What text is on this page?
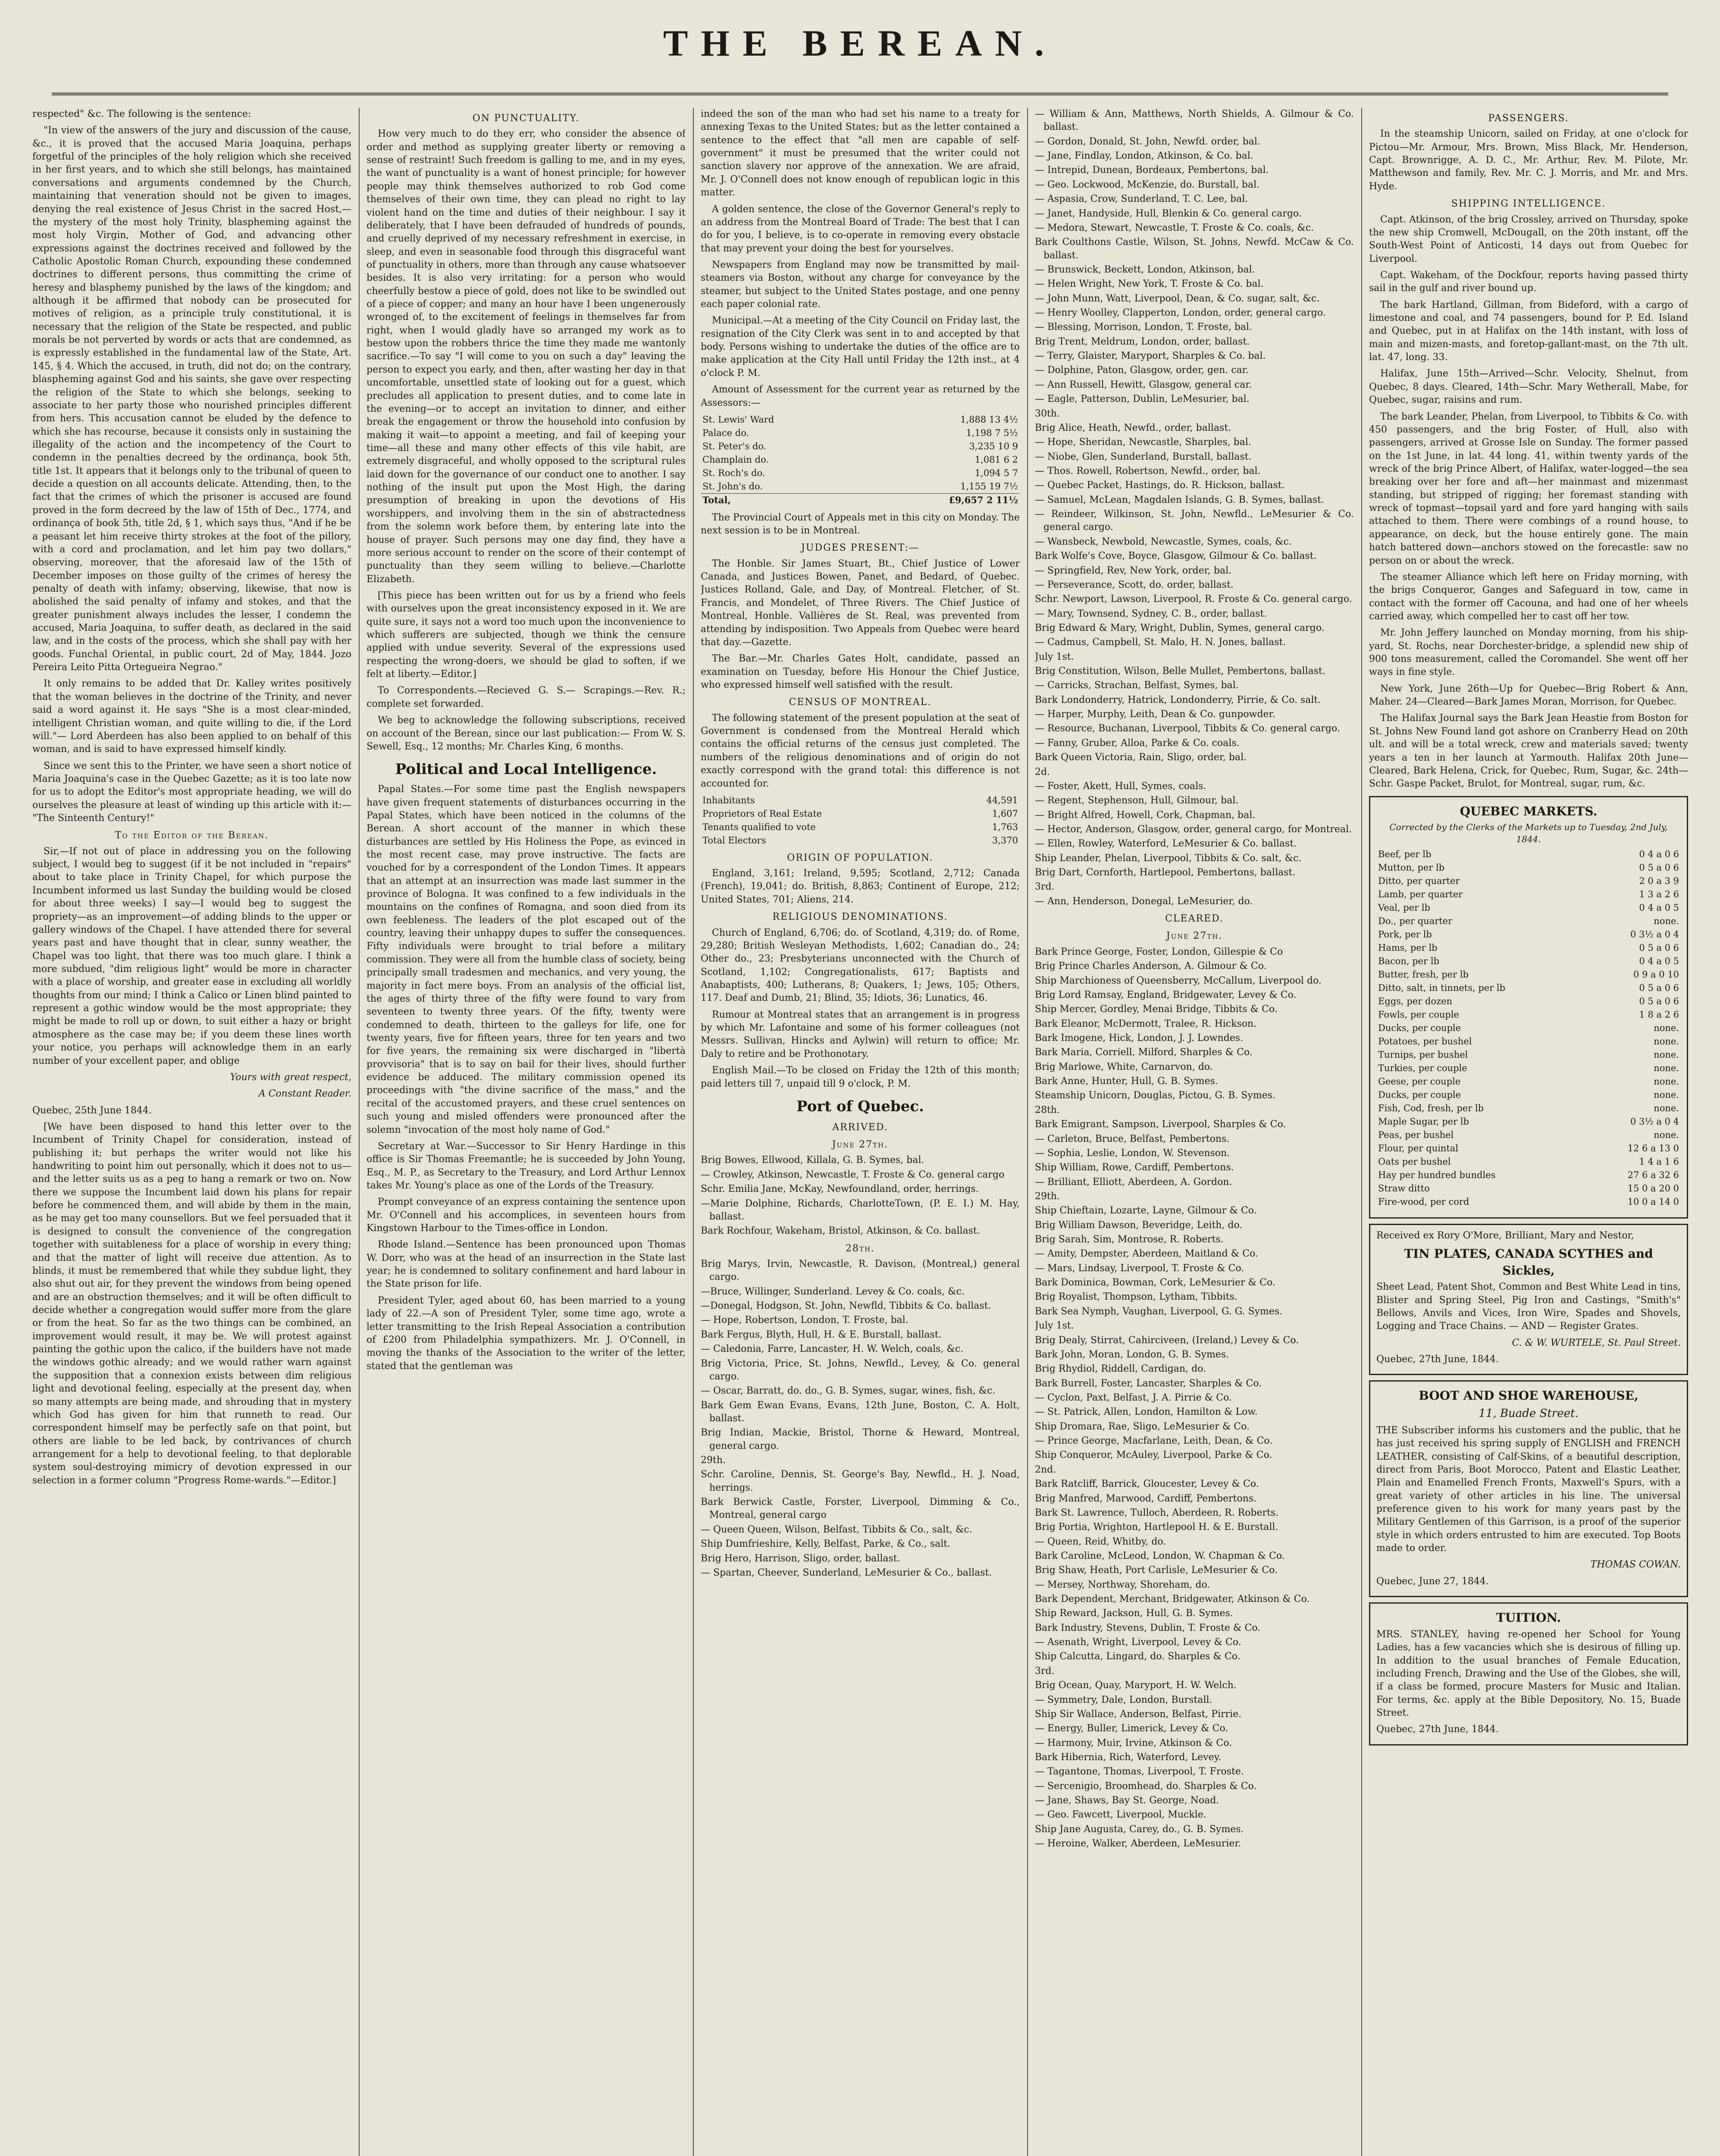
THE BEREAN.

respected" &c. The following is the sentence:

"In view of the answers of the jury and discussion of the cause, &c., it is proved that the accused Maria Joaquina, perhaps forgetful of the principles of the holy religion which she received in her first years, and to which she still belongs, has maintained conversations and arguments condemned by the Church, maintaining that veneration should not be given to images, denying the real existence of Jesus Christ in the sacred Host,—the mystery of the most holy Trinity, blaspheming against the most holy Virgin, Mother of God, and advancing other expressions against the doctrines received and followed by the Catholic Apostolic Roman Church, expounding these condemned doctrines to different persons, thus committing the crime of heresy and blasphemy punished by the laws of the kingdom; and although it be affirmed that nobody can be prosecuted for motives of religion, as a principle truly constitutional, it is necessary that the religion of the State be respected, and public morals be not perverted by words or acts that are condemned, as is expressly established in the fundamental law of the State, Art. 145, § 4. Which the accused, in truth, did not do; on the contrary, blaspheming against God and his saints, she gave over respecting the religion of the State to which she belongs, seeking to associate to her party those who nourished principles different from hers. This accusation cannot be eluded by the defence to which she has recourse, because it consists only in sustaining the illegality of the action and the incompetency of the Court to condemn in the penalties decreed by the ordinança, book 5th, title 1st. It appears that it belongs only to the tribunal of queen to decide a question on all accounts delicate. Attending, then, to the fact that the crimes of which the prisoner is accused are found proved in the form decreed by the law of 15th of Dec., 1774, and ordinança of book 5th, title 2d, § 1, which says thus, "And if he be a peasant let him receive thirty strokes at the foot of the pillory, with a cord and proclamation, and let him pay two dollars," observing, moreover, that the aforesaid law of the 15th of December imposes on those guilty of the crimes of heresy the penalty of death with infamy; observing, likewise, that now is abolished the said penalty of infamy and stokes, and that the greater punishment always includes the lesser, I condemn the accused, Maria Joaquina, to suffer death, as declared in the said law, and in the costs of the process, which she shall pay with her goods. Funchal Oriental, in public court, 2d of May, 1844. Jozo Pereira Leito Pitta Ortegueira Negrao."

It only remains to be added that Dr. Kalley writes positively that the woman believes in the doctrine of the Trinity, and never said a word against it. He says "She is a most clear-minded, intelligent Christian woman, and quite willing to die, if the Lord will."— Lord Aberdeen has also been applied to on behalf of this woman, and is said to have expressed himself kindly.

Since we sent this to the Printer, we have seen a short notice of Maria Joaquina's case in the Quebec Gazette; as it is too late now for us to adopt the Editor's most appropriate heading, we will do ourselves the pleasure at least of winding up this article with it:— "The Sinteenth Century!"

To the Editor of the Berean.

Sir,—If not out of place in addressing you on the following subject, I would beg to suggest (if it be not included in "repairs" about to take place in Trinity Chapel, for which purpose the Incumbent informed us last Sunday the building would be closed for about three weeks) I say—I would beg to suggest the propriety—as an improvement—of adding blinds to the upper or gallery windows of the Chapel. I have attended there for several years past and have thought that in clear, sunny weather, the Chapel was too light, that there was too much glare. I think a more subdued, "dim religious light" would be more in character with a place of worship, and greater ease in excluding all worldly thoughts from our mind; I think a Calico or Linen blind painted to represent a gothic window would be the most appropriate; they might be made to roll up or down, to suit either a hazy or bright atmosphere as the case may be; if you deem these lines worth your notice, you perhaps will acknowledge them in an early number of your excellent paper, and oblige

Yours with great respect,
A Constant Reader.

Quebec, 25th June 1844.

[We have been disposed to hand this letter over to the Incumbent of Trinity Chapel for consideration, instead of publishing it; but perhaps the writer would not like his handwriting to point him out personally, which it does not to us—and the letter suits us as a peg to hang a remark or two on. Now there we suppose the Incumbent laid down his plans for repair before he commenced them, and will abide by them in the main, as he may get too many counsellors. But we feel persuaded that it is designed to consult the convenience of the congregation together with suitableness for a place of worship in every thing; and that the matter of light will receive due attention. As to blinds, it must be remembered that while they subdue light, they also shut out air, for they prevent the windows from being opened and are an obstruction themselves; and it will be often difficult to decide whether a congregation would suffer more from the glare or from the heat. So far as the two things can be combined, an improvement would result, it may be. We will protest against painting the gothic upon the calico, if the builders have not made the windows gothic already; and we would rather warn against the supposition that a connexion exists between dim religious light and devotional feeling, especially at the present day, when so many attempts are being made, and shrouding that in mystery which God has given for him that runneth to read. Our correspondent himself may be perfectly safe on that point, but others are liable to be led back, by contrivances of church arrangement for a help to devotional feeling, to that deplorable system soul-destroying mimicry of devotion expressed in our selection in a former column "Progress Rome-wards."—Editor.]

ON PUNCTUALITY.

How very much to do they err, who consider the absence of order and method as supplying greater liberty or removing a sense of restraint! Such freedom is galling to me, and in my eyes, the want of punctuality is a want of honest principle; for however people may think themselves authorized to rob God come themselves of their own time, they can plead no right to lay violent hand on the time and duties of their neighbour. I say it deliberately, that I have been defrauded of hundreds of pounds, and cruelly deprived of my necessary refreshment in exercise, in sleep, and even in seasonable food through this disgraceful want of punctuality in others, more than through any cause whatsoever besides. It is also very irritating: for a person who would cheerfully bestow a piece of gold, does not like to be swindled out of a piece of copper; and many an hour have I been ungenerously wronged of, to the excitement of feelings in themselves far from right, when I would gladly have so arranged my work as to bestow upon the robbers thrice the time they made me wantonly sacrifice.—To say "I will come to you on such a day" leaving the person to expect you early, and then, after wasting her day in that uncomfortable, unsettled state of looking out for a guest, which precludes all application to present duties, and to come late in the evening—or to accept an invitation to dinner, and either break the engagement or throw the household into confusion by making it wait—to appoint a meeting, and fail of keeping your time—all these and many other effects of this vile habit, are extremely disgraceful, and wholly opposed to the scriptural rules laid down for the governance of our conduct one to another. I say nothing of the insult put upon the Most High, the daring presumption of breaking in upon the devotions of His worshippers, and involving them in the sin of abstractedness from the solemn work before them, by entering late into the house of prayer. Such persons may one day find, they have a more serious account to render on the score of their contempt of punctuality than they seem willing to believe.—Charlotte Elizabeth.

[This piece has been written out for us by a friend who feels with ourselves upon the great inconsistency exposed in it. We are quite sure, it says not a word too much upon the inconvenience to which sufferers are subjected, though we think the censure applied with undue severity. Several of the expressions used respecting the wrong-doers, we should be glad to soften, if we felt at liberty.—Editor.]

To Correspondents.—Recieved G. S.— Scrapings.—Rev. R.; complete set forwarded.

We beg to acknowledge the following subscriptions, received on account of the Berean, since our last publication:— From W. S. Sewell, Esq., 12 months; Mr. Charles King, 6 months.

Political and Local Intelligence.

Papal States.—For some time past the English newspapers have given frequent statements of disturbances occurring in the Papal States, which have been noticed in the columns of the Berean. A short account of the manner in which these disturbances are settled by His Holiness the Pope, as evinced in the most recent case, may prove instructive. The facts are vouched for by a correspondent of the London Times. It appears that an attempt at an insurrection was made last summer in the province of Bologna. It was confined to a few individuals in the mountains on the confines of Romagna, and soon died from its own feebleness. The leaders of the plot escaped out of the country, leaving their unhappy dupes to suffer the consequences. Fifty individuals were brought to trial before a military commission. They were all from the humble class of society, being principally small tradesmen and mechanics, and very young, the majority in fact mere boys. From an analysis of the official list, the ages of thirty three of the fifty were found to vary from seventeen to twenty three years. Of the fifty, twenty were condemned to death, thirteen to the galleys for life, one for twenty years, five for fifteen years, three for ten years and two for five years, the remaining six were discharged in "libertà provvisoria" that is to say on bail for their lives, should further evidence be adduced. The military commission opened its proceedings with "the divine sacrifice of the mass," and the recital of the accustomed prayers, and these cruel sentences on such young and misled offenders were pronounced after the solemn "invocation of the most holy name of God."

Secretary at War.—Successor to Sir Henry Hardinge in this office is Sir Thomas Freemantle; he is succeeded by John Young, Esq., M. P., as Secretary to the Treasury, and Lord Arthur Lennox takes Mr. Young's place as one of the Lords of the Treasury.

Prompt conveyance of an express containing the sentence upon Mr. O'Connell and his accomplices, in seventeen hours from Kingstown Harbour to the Times-office in London.

Rhode Island.—Sentence has been pronounced upon Thomas W. Dorr, who was at the head of an insurrection in the State last year; he is condemned to solitary confinement and hard labour in the State prison for life.

President Tyler, aged about 60, has been married to a young lady of 22.—A son of President Tyler, some time ago, wrote a letter transmitting to the Irish Repeal Association a contribution of £200 from Philadelphia sympathizers. Mr. J. O'Connell, in moving the thanks of the Association to the writer of the letter, stated that the gentleman was

indeed the son of the man who had set his name to a treaty for annexing Texas to the United States; but as the letter contained a sentence to the effect that "all men are capable of self-government" it must be presumed that the writer could not sanction slavery nor approve of the annexation. We are afraid, Mr. J. O'Connell does not know enough of republican logic in this matter.

A golden sentence, the close of the Governor General's reply to an address from the Montreal Board of Trade: The best that I can do for you, I believe, is to co-operate in removing every obstacle that may prevent your doing the best for yourselves.

Newspapers from England may now be transmitted by mail-steamers via Boston, without any charge for conveyance by the steamer, but subject to the United States postage, and one penny each paper colonial rate.

Municipal.—At a meeting of the City Council on Friday last, the resignation of the City Clerk was sent in to and accepted by that body. Persons wishing to undertake the duties of the office are to make application at the City Hall until Friday the 12th inst., at 4 o'clock P. M.

Amount of Assessment for the current year as returned by the Assessors:—

St. Lewis' Ward	1,888 13 4½
Palace do.	1,198 7 5½
St. Peter's do.	3,235 10 9
Champlain do.	1,081 6 2
St. Roch's do.	1,094 5 7
St. John's do.	1,155 19 7½
Total,	£9,657 2 11½

The Provincial Court of Appeals met in this city on Monday. The next session is to be in Montreal.

JUDGES PRESENT:—

The Honble. Sir James Stuart, Bt., Chief Justice of Lower Canada, and Justices Bowen, Panet, and Bedard, of Quebec. Justices Rolland, Gale, and Day, of Montreal. Fletcher, of St. Francis, and Mondelet, of Three Rivers. The Chief Justice of Montreal, Honble. Vallières de St. Real, was prevented from attending by indisposition. Two Appeals from Quebec were heard that day.—Gazette.

The Bar.—Mr. Charles Gates Holt, candidate, passed an examination on Tuesday, before His Honour the Chief Justice, who expressed himself well satisfied with the result.

CENSUS OF MONTREAL.

The following statement of the present population at the seat of Government is condensed from the Montreal Herald which contains the official returns of the census just completed. The numbers of the religious denominations and of origin do not exactly correspond with the grand total: this difference is not accounted for.

Inhabitants	44,591
Proprietors of Real Estate	1,607
Tenants qualified to vote	1,763
Total Electors	3,370
ORIGIN OF POPULATION.

England, 3,161; Ireland, 9,595; Scotland, 2,712; Canada (French), 19,041; do. British, 8,863; Continent of Europe, 212; United States, 701; Aliens, 214.

RELIGIOUS DENOMINATIONS.

Church of England, 6,706; do. of Scotland, 4,319; do. of Rome, 29,280; British Wesleyan Methodists, 1,602; Canadian do., 24; Other do., 23; Presbyterians unconnected with the Church of Scotland, 1,102; Congregationalists, 617; Baptists and Anabaptists, 400; Lutherans, 8; Quakers, 1; Jews, 105; Others, 117. Deaf and Dumb, 21; Blind, 35; Idiots, 36; Lunatics, 46.

Rumour at Montreal states that an arrangement is in progress by which Mr. Lafontaine and some of his former colleagues (not Messrs. Sullivan, Hincks and Aylwin) will return to office; Mr. Daly to retire and be Prothonotary.

English Mail.—To be closed on Friday the 12th of this month; paid letters till 7, unpaid till 9 o'clock, P. M.

Port of Quebec.
ARRIVED.
June 27th.
Brig Bowes, Ellwood, Killala, G. B. Symes, bal.
— Crowley, Atkinson, Newcastle, T. Froste & Co. general cargo
Schr. Emilia Jane, McKay, Newfoundland, order, herrings.
—Marie Dolphine, Richards, CharlotteTown, (P. E. I.) M. Hay, ballast.
Bark Rochfour, Wakeham, Bristol, Atkinson, & Co. ballast.
28th.
Brig Marys, Irvin, Newcastle, R. Davison, (Montreal,) general cargo.
—Bruce, Willinger, Sunderland. Levey & Co. coals, &c.
—Donegal, Hodgson, St. John, Newfld, Tibbits & Co. ballast.
— Hope, Robertson, London, T. Froste, bal.
Bark Fergus, Blyth, Hull, H. & E. Burstall, ballast.
— Caledonia, Farre, Lancaster, H. W. Welch, coals, &c.
Brig Victoria, Price, St. Johns, Newfld., Levey, & Co. general cargo.
— Oscar, Barratt, do. do., G. B. Symes, sugar, wines, fish, &c.
Bark Gem Ewan Evans, Evans, 12th June, Boston, C. A. Holt, ballast.
Brig Indian, Mackie, Bristol, Thorne & Heward, Montreal, general cargo.
29th.
Schr. Caroline, Dennis, St. George's Bay, Newfld., H. J. Noad, herrings.
Bark Berwick Castle, Forster, Liverpool, Dimming & Co., Montreal, general cargo
— Queen Queen, Wilson, Belfast, Tibbits & Co., salt, &c.
Ship Dumfrieshire, Kelly, Belfast, Parke, & Co., salt.
Brig Hero, Harrison, Sligo, order, ballast.
— Spartan, Cheever, Sunderland, LeMesurier & Co., ballast.
— William & Ann, Matthews, North Shields, A. Gilmour & Co. ballast.
— Gordon, Donald, St. John, Newfd. order, bal.
— Jane, Findlay, London, Atkinson, & Co. bal.
— Intrepid, Dunean, Bordeaux, Pembertons, bal.
— Geo. Lockwood, McKenzie, do. Burstall, bal.
— Aspasia, Crow, Sunderland, T. C. Lee, bal.
— Janet, Handyside, Hull, Blenkin & Co. general cargo.
— Medora, Stewart, Newcastle, T. Froste & Co. coals, &c.
Bark Coulthons Castle, Wilson, St. Johns, Newfd. McCaw & Co. ballast.
— Brunswick, Beckett, London, Atkinson, bal.
— Helen Wright, New York, T. Froste & Co. bal.
— John Munn, Watt, Liverpool, Dean, & Co. sugar, salt, &c.
— Henry Woolley, Clapperton, London, order, general cargo.
— Blessing, Morrison, London, T. Froste, bal.
Brig Trent, Meldrum, London, order, ballast.
— Terry, Glaister, Maryport, Sharples & Co. bal.
— Dolphine, Paton, Glasgow, order, gen. car.
— Ann Russell, Hewitt, Glasgow, general car.
— Eagle, Patterson, Dublin, LeMesurier, bal.
30th.
Brig Alice, Heath, Newfd., order, ballast.
— Hope, Sheridan, Newcastle, Sharples, bal.
— Niobe, Glen, Sunderland, Burstall, ballast.
— Thos. Rowell, Robertson, Newfd., order, bal.
— Quebec Packet, Hastings, do. R. Hickson, ballast.
— Samuel, McLean, Magdalen Islands, G. B. Symes, ballast.
— Reindeer, Wilkinson, St. John, Newfld., LeMesurier & Co. general cargo.
— Wansbeck, Newbold, Newcastle, Symes, coals, &c.
Bark Wolfe's Cove, Boyce, Glasgow, Gilmour & Co. ballast.
— Springfield, Rev, New York, order, bal.
— Perseverance, Scott, do. order, ballast.
Schr. Newport, Lawson, Liverpool, R. Froste & Co. general cargo.
— Mary, Townsend, Sydney, C. B., order, ballast.
Brig Edward & Mary, Wright, Dublin, Symes, general cargo.
— Cadmus, Campbell, St. Malo, H. N. Jones, ballast.
July 1st.
Brig Constitution, Wilson, Belle Mullet, Pembertons, ballast.
— Carricks, Strachan, Belfast, Symes, bal.
Bark Londonderry, Hatrick, Londonderry, Pirrie, & Co. salt.
— Harper, Murphy, Leith, Dean & Co. gunpowder.
— Resource, Buchanan, Liverpool, Tibbits & Co. general cargo.
— Fanny, Gruber, Alloa, Parke & Co. coals.
Bark Queen Victoria, Rain, Sligo, order, bal.
2d.
— Foster, Akett, Hull, Symes, coals.
— Regent, Stephenson, Hull, Gilmour, bal.
— Bright Alfred, Howell, Cork, Chapman, bal.
— Hector, Anderson, Glasgow, order, general cargo, for Montreal.
— Ellen, Rowley, Waterford, LeMesurier & Co. ballast.
Ship Leander, Phelan, Liverpool, Tibbits & Co. salt, &c.
Brig Dart, Cornforth, Hartlepool, Pembertons, ballast.
3rd.
— Ann, Henderson, Donegal, LeMesurier, do.
CLEARED.
June 27th.
Bark Prince George, Foster, London, Gillespie & Co
Brig Prince Charles Anderson, A. Gilmour & Co.
Ship Marchioness of Queensberry, McCallum, Liverpool do.
Brig Lord Ramsay, England, Bridgewater, Levey & Co.
Ship Mercer, Gordley, Menai Bridge, Tibbits & Co.
Bark Eleanor, McDermott, Tralee, R. Hickson.
Bark Imogene, Hick, London, J. J. Lowndes.
Bark Maria, Corriell, Milford, Sharples & Co.
Brig Marlowe, White, Carnarvon, do.
Bark Anne, Hunter, Hull, G. B. Symes.
Steamship Unicorn, Douglas, Pictou, G. B. Symes.
28th.
Bark Emigrant, Sampson, Liverpool, Sharples & Co.
— Carleton, Bruce, Belfast, Pembertons.
— Sophia, Leslie, London, W. Stevenson.
Ship William, Rowe, Cardiff, Pembertons.
— Brilliant, Elliott, Aberdeen, A. Gordon.
29th.
Ship Chieftain, Lozarte, Layne, Gilmour & Co.
Brig William Dawson, Beveridge, Leith, do.
Brig Sarah, Sim, Montrose, R. Roberts.
— Amity, Dempster, Aberdeen, Maitland & Co.
— Mars, Lindsay, Liverpool, T. Froste & Co.
Bark Dominica, Bowman, Cork, LeMesurier & Co.
Brig Royalist, Thompson, Lytham, Tibbits.
Bark Sea Nymph, Vaughan, Liverpool, G. G. Symes.
July 1st.
Brig Dealy, Stirrat, Cahirciveen, (Ireland,) Levey & Co.
Bark John, Moran, London, G. B. Symes.
Brig Rhydiol, Riddell, Cardigan, do.
Bark Burrell, Foster, Lancaster, Sharples & Co.
— Cyclon, Paxt, Belfast, J. A. Pirrie & Co.
— St. Patrick, Allen, London, Hamilton & Low.
Ship Dromara, Rae, Sligo, LeMesurier & Co.
— Prince George, Macfarlane, Leith, Dean, & Co.
Ship Conqueror, McAuley, Liverpool, Parke & Co.
2nd.
Bark Ratcliff, Barrick, Gloucester, Levey & Co.
Brig Manfred, Marwood, Cardiff, Pembertons.
Bark St. Lawrence, Tulloch, Aberdeen, R. Roberts.
Brig Portia, Wrighton, Hartlepool H. & E. Burstall.
— Queen, Reid, Whitby, do.
Bark Caroline, McLeod, London, W. Chapman & Co.
Brig Shaw, Heath, Port Carlisle, LeMesurier & Co.
— Mersey, Northway, Shoreham, do.
Bark Dependent, Merchant, Bridgewater, Atkinson & Co.
Ship Reward, Jackson, Hull, G. B. Symes.
Bark Industry, Stevens, Dublin, T. Froste & Co.
— Asenath, Wright, Liverpool, Levey & Co.
Ship Calcutta, Lingard, do. Sharples & Co.
3rd.
Brig Ocean, Quay, Maryport, H. W. Welch.
— Symmetry, Dale, London, Burstall.
Ship Sir Wallace, Anderson, Belfast, Pirrie.
— Energy, Buller, Limerick, Levey & Co.
— Harmony, Muir, Irvine, Atkinson & Co.
Bark Hibernia, Rich, Waterford, Levey.
— Tagantone, Thomas, Liverpool, T. Froste.
— Sercenigio, Broomhead, do. Sharples & Co.
— Jane, Shaws, Bay St. George, Noad.
— Geo. Fawcett, Liverpool, Muckle.
Ship Jane Augusta, Carey, do., G. B. Symes.
— Heroine, Walker, Aberdeen, LeMesurier.
PASSENGERS.

In the steamship Unicorn, sailed on Friday, at one o'clock for Pictou—Mr. Armour, Mrs. Brown, Miss Black, Mr. Henderson, Capt. Brownrigge, A. D. C., Mr. Arthur, Rev. M. Pilote, Mr. Matthewson and family, Rev. Mr. C. J. Morris, and Mr. and Mrs. Hyde.

SHIPPING INTELLIGENCE.

Capt. Atkinson, of the brig Crossley, arrived on Thursday, spoke the new ship Cromwell, McDougall, on the 20th instant, off the South-West Point of Anticosti, 14 days out from Quebec for Liverpool.

Capt. Wakeham, of the Dockfour, reports having passed thirty sail in the gulf and river bound up.

The bark Hartland, Gillman, from Bideford, with a cargo of limestone and coal, and 74 passengers, bound for P. Ed. Island and Quebec, put in at Halifax on the 14th instant, with loss of main and mizen-masts, and foretop-gallant-mast, on the 7th ult. lat. 47, long. 33.

Halifax, June 15th—Arrived—Schr. Velocity, Shelnut, from Quebec, 8 days. Cleared, 14th—Schr. Mary Wetherall, Mabe, for Quebec, sugar, raisins and rum.

The bark Leander, Phelan, from Liverpool, to Tibbits & Co. with 450 passengers, and the brig Foster, of Hull, also with passengers, arrived at Grosse Isle on Sunday. The former passed on the 1st June, in lat. 44 long. 41, within twenty yards of the wreck of the brig Prince Albert, of Halifax, water-logged—the sea breaking over her fore and aft—her mainmast and mizenmast standing, but stripped of rigging; her foremast standing with wreck of topmast—topsail yard and fore yard hanging with sails attached to them. There were combings of a round house, to appearance, on deck, but the house entirely gone. The main hatch battered down—anchors stowed on the forecastle: saw no person on or about the wreck.

The steamer Alliance which left here on Friday morning, with the brigs Conqueror, Ganges and Safeguard in tow, came in contact with the former off Cacouna, and had one of her wheels carried away, which compelled her to cast off her tow.

Mr. John Jeffery launched on Monday morning, from his ship-yard, St. Rochs, near Dorchester-bridge, a splendid new ship of 900 tons measurement, called the Coromandel. She went off her ways in fine style.

New York, June 26th—Up for Quebec—Brig Robert & Ann, Maher. 24—Cleared—Bark James Moran, Morrison, for Quebec.

The Halifax Journal says the Bark Jean Heastie from Boston for St. Johns New Found land got ashore on Cranberry Head on 20th ult. and will be a total wreck, crew and materials saved; twenty years a ten in her launch at Yarmouth. Halifax 20th June—Cleared, Bark Helena, Crick, for Quebec, Rum, Sugar, &c. 24th—Schr. Gaspe Packet, Brulot, for Montreal, sugar, rum, &c.

QUEBEC MARKETS.
Corrected by the Clerks of the Markets up to Tuesday, 2nd July, 1844.
Beef, per lb	0 4 a 0 6
Mutton, per lb	0 5 a 0 6
Ditto, per quarter	2 0 a 3 9
Lamb, per quarter	1 3 a 2 6
Veal, per lb	0 4 a 0 5
Do., per quarter	none.
Pork, per lb	0 3½ a 0 4
Hams, per lb	0 5 a 0 6
Bacon, per lb	0 4 a 0 5
Butter, fresh, per lb	0 9 a 0 10
Ditto, salt, in tinnets, per lb	0 5 a 0 6
Eggs, per dozen	0 5 a 0 6
Fowls, per couple	1 8 a 2 6
Ducks, per couple	none.
Potatoes, per bushel	none.
Turnips, per bushel	none.
Turkies, per couple	none.
Geese, per couple	none.
Ducks, per couple	none.
Fish, Cod, fresh, per lb	none.
Maple Sugar, per lb	0 3½ a 0 4
Peas, per bushel	none.
Flour, per quintal	12 6 a 13 0
Oats per bushel	1 4 a 1 6
Hay per hundred bundles	27 6 a 32 6
Straw ditto	15 0 a 20 0
Fire-wood, per cord	10 0 a 14 0

Received ex Rory O'More, Brilliant, Mary and Nestor,

TIN PLATES, CANADA SCYTHES and Sickles,

Sheet Lead, Patent Shot, Common and Best White Lead in tins, Blister and Spring Steel, Pig Iron and Castings, "Smith's" Bellows, Anvils and Vices, Iron Wire, Spades and Shovels, Logging and Trace Chains. — AND — Register Grates.

C. & W. WURTELE, St. Paul Street.

Quebec, 27th June, 1844.

BOOT AND SHOE WAREHOUSE,
11, Buade Street.

THE Subscriber informs his customers and the public, that he has just received his spring supply of ENGLISH and FRENCH LEATHER, consisting of Calf-Skins, of a beautiful description, direct from Paris, Boot Morocco, Patent and Elastic Leather, Plain and Enamelled French Fronts, Maxwell's Spurs, with a great variety of other articles in his line. The universal preference given to his work for many years past by the Military Gentlemen of this Garrison, is a proof of the superior style in which orders entrusted to him are executed. Top Boots made to order.

THOMAS COWAN.

Quebec, June 27, 1844.

TUITION.

MRS. STANLEY, having re-opened her School for Young Ladies, has a few vacancies which she is desirous of filling up. In addition to the usual branches of Female Education, including French, Drawing and the Use of the Globes, she will, if a class be formed, procure Masters for Music and Italian. For terms, &c. apply at the Bible Depository, No. 15, Buade Street.

Quebec, 27th June, 1844.
